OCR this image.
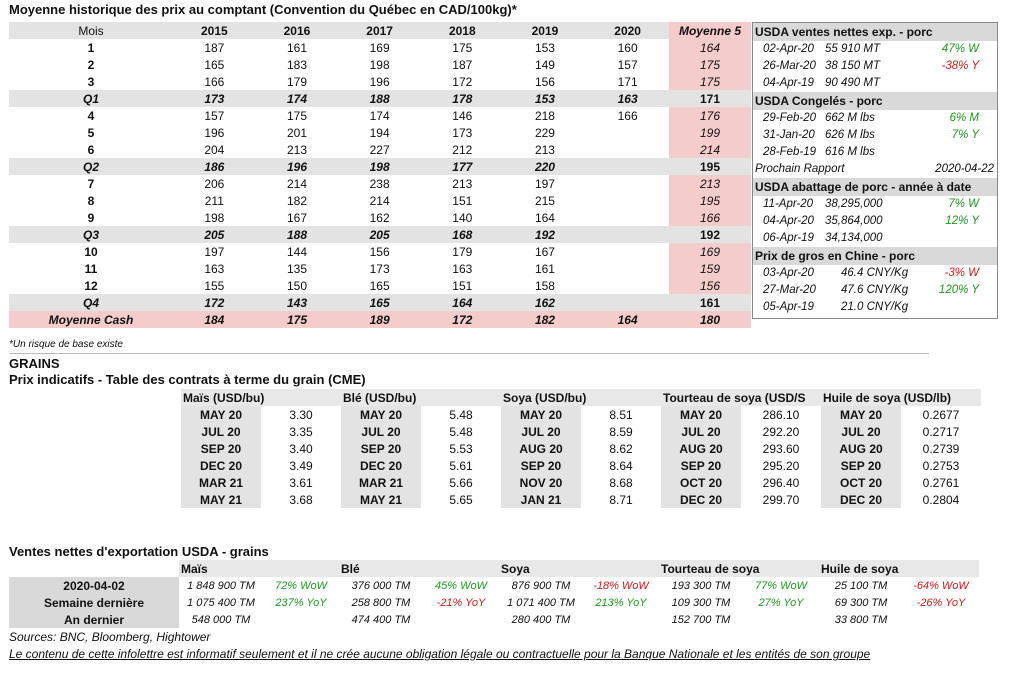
Moyenne historique des prix au comptant (Convention du Québec en CAD/100kg)*
Mois	2015	2016	2017	2018	2019	2020	Moyenne 5
1	187	161	169	175	153	160	164
2	165	183	198	187	149	157	175
3	166	179	196	172	156	171	175
Q1	173	174	188	178	153	163	171
4	157	175	174	146	218	166	176
5	196	201	194	173	229		199
6	204	213	227	212	213		214
Q2	186	196	198	177	220		195
7	206	214	238	213	197		213
8	211	182	214	151	215		195
9	198	167	162	140	164		166
Q3	205	188	205	168	192		192
10	197	144	156	179	167		169
11	163	135	173	163	161		159
12	155	150	165	151	158		156
Q4	172	143	165	164	162		161
Moyenne Cash	184	175	189	172	182	164	180
USDA ventes nettes exp. - porc
02-Apr-20 55 910 MT	47% W
26-Mar-20 38 150 MT	-38% Y
04-Apr-19 90 490 MT
USDA Congelés - porc
29-Feb-20 662 M lbs	6% M
31-Jan-20 626 M lbs	7% Y
28-Feb-19 616 M lbs
Prochain Rapport	2020-04-22
USDA abattage de porc - année à date
11-Apr-20 38,295,000	7% W
04-Apr-20 35,864,000	12% Y
06-Apr-19 34,134,000
Prix de gros en Chine - porc
03-Apr-20 46.4 CNY/Kg	-3% W
27-Mar-20 47.6 CNY/Kg	120% Y
05-Apr-19 21.0 CNY/Kg
*Un risque de base existe
GRAINS
Prix indicatifs - Table des contrats à terme du grain (CME)
Maïs (USD/bu)		Blé (USD/bu)		Soya (USD/bu)		Tourteau de soya (USD/S		Huile de soya (USD/lb)	
MAY 20	3.30	MAY 20	5.48	MAY 20	8.51	MAY 20	286.10	MAY 20	0.2677
JUL 20	3.35	JUL 20	5.48	JUL 20	8.59	JUL 20	292.20	JUL 20	0.2717
SEP 20	3.40	SEP 20	5.53	AUG 20	8.62	AUG 20	293.60	AUG 20	0.2739
DEC 20	3.49	DEC 20	5.61	SEP 20	8.64	SEP 20	295.20	SEP 20	0.2753
MAR 21	3.61	MAR 21	5.66	NOV 20	8.68	OCT 20	296.40	OCT 20	0.2761
MAY 21	3.68	MAY 21	5.65	JAN 21	8.71	DEC 20	299.70	DEC 20	0.2804
Ventes nettes d'exportation USDA - grains
	Maïs		Blé		Soya		Tourteau de soya		Huile de soya	
2020-04-02	1 848 900 TM	72% WoW	376 000 TM	45% WoW	876 900 TM	-18% WoW	193 300 TM	77% WoW	25 100 TM	-64% WoW
Semaine dernière	1 075 400 TM	237% YoY	258 800 TM	-21% YoY	1 071 400 TM	213% YoY	109 300 TM	27% YoY	69 300 TM	-26% YoY
An dernier	548 000 TM		474 400 TM		280 400 TM		152 700 TM		33 800 TM	
Sources: BNC, Bloomberg, Hightower
Le contenu de cette infolettre est informatif seulement et il ne crée aucune obligation légale ou contractuelle pour la Banque Nationale et les entités de son groupe
